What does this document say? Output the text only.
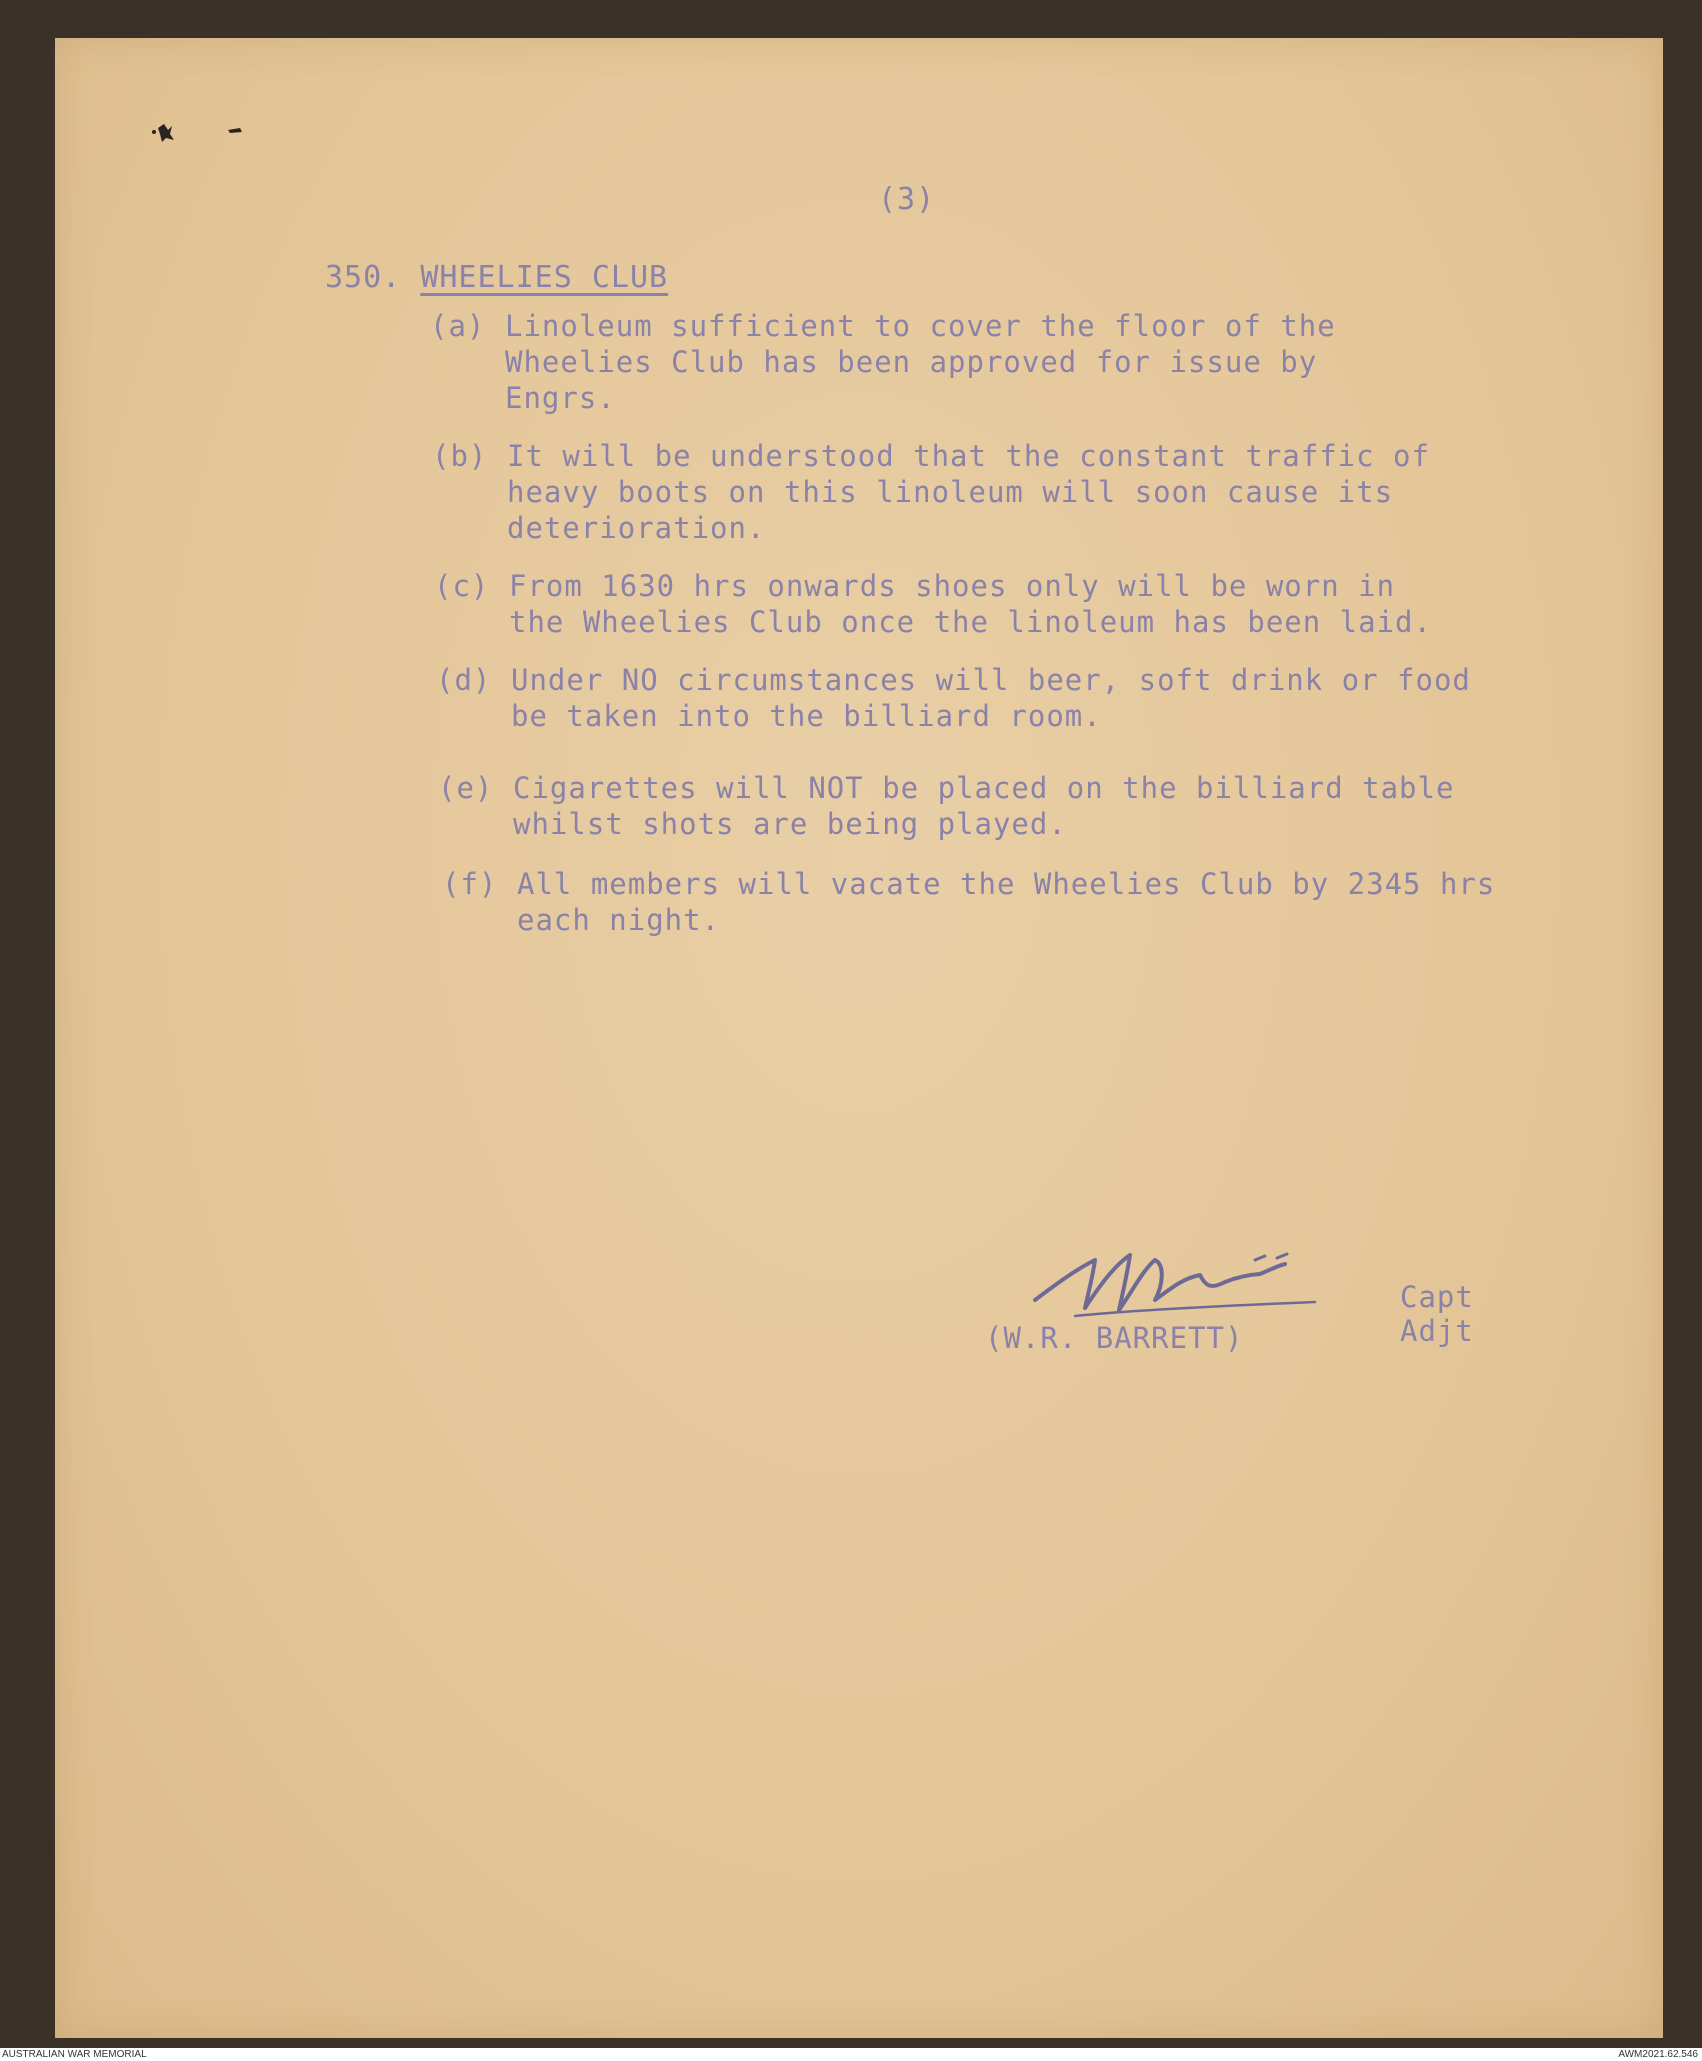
(3)
350. WHEELIES CLUB
(a) Linoleum sufficient to cover the floor of the
Wheelies Club has been approved for issue by
Engrs.
(b) It will be understood that the constant traffic of
heavy boots on this linoleum will soon cause its
deterioration.
(c) From 1630 hrs onwards shoes only will be worn in
the Wheelies Club once the linoleum has been laid.
(d) Under NO circumstances will beer, soft drink or food
be taken into the billiard room.
(e) Cigarettes will NOT be placed on the billiard table
whilst shots are being played.
(f) All members will vacate the Wheelies Club by 2345 hrs
each night.
(W.R. BARRETT)
Capt
Adjt
AUSTRALIAN WAR MEMORIAL	AWM2021.62.546
